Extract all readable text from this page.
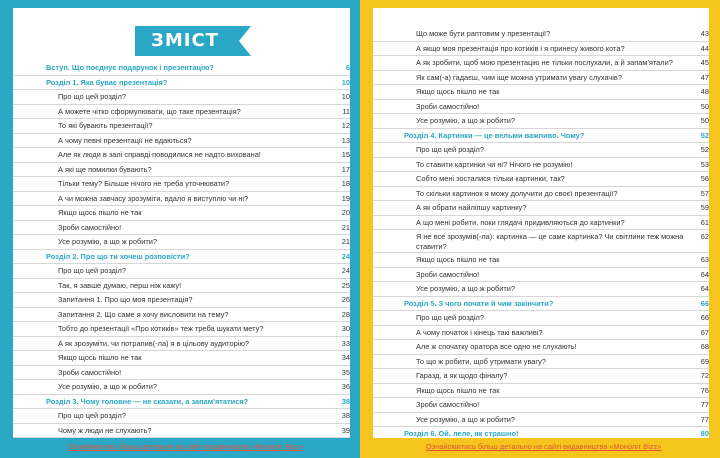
ЗМІСТ
Вступ. Що поєднує подарунок і презентацію?	6
Розділ 1. Яка буває презентація?	10
Про що цей розділ?	10
А можете чітко сформулювати, що таке презентація?	11
То які бувають презентації?	12
А чому певні презентації не вдаються?	13
Але як люди в залі справді поводилися не надто вихована!	15
А які ще помилки бувають?	17
Тільки тему? Більше нічого не треба уточнювати?	18
А чи можна завчасу зрозуміти, вдало я виступлю чи ні?	19
Якщо щось пішло не так	20
Зроби самостійно!	21
Усе розумію, а що ж робити?	21
Розділ 2. Про що ти хочеш розповісти?	24
Про що цей розділ?	24
Так, я завше думаю, перш ніж кажу!	25
Запитання 1. Про що моя презентація?	26
Запитання 2. Що саме я хочу висловити на тему?	28
Тобто до презентації «Про котиків» теж треба шукати мету?	30
А як зрозуміти, чи потрапив(-ла) я в цільову аудиторію?	33
Якщо щось пішло не так	34
Зроби самостійно!	35
Усе розумію, а що ж робити?	36
Розділ 3. Чому головне — не сказати, а запам'ятатися?	38
Про що цей розділ?	38
Чому ж люди не слухають?	39
Що може бути раптовим у презентації?	43
А якщо моя презентація про котиків і я принесу живого кота?	44
А як зробити, щоб мою презентацію не тільки послухали, а й запам'ятали?	45
Як сам(-а) гадаєш, чим іще можна утримати увагу слухачів?	47
Якщо щось пішло не так	48
Зроби самостійно!	50
Усе розумію, а що ж робити?	50
Розділ 4. Картинки — це вельми важливо. Чому?	52
Про що цей розділ?	52
То ставити картинки чи ні? Нічого не розумію!	53
Собто мені зосталися тільки картинки, так?	56
То скільки картинок я можу долучити до своєї презентації?	57
А як обрати найліпшу картинку?	59
А що мені робити, поки глядачі придивляються до картинки?	61
Я не все зрозумів(-ла): картинка — це саме картинка? Чи світлини теж можна ставити?
62
Якщо щось пішло не так	63
Зроби самостійно!	64
Усе розумію, а що ж робити?	64
Розділ 5. З чого почати й чим закінчити?	66
Про що цей розділ?	66
А чому початок і кінець такі важливі?	67
Але ж спочатку оратора все одно не слухають!	68
То що ж робити, щоб утримати увагу?	69
Гаразд, а як щодо фіналу?	72
Якщо щось пішло не так	76
Зроби самостійно!	77
Усе розумію, а що ж робити?	77
Розділ 6. Ой, леле, як страшно!	80
Ознайомитись більш детально на сайті видавництва «Моноліт Bizz»	Ознайомитись більш детально на сайті видавництва «Моноліт Bizz»
